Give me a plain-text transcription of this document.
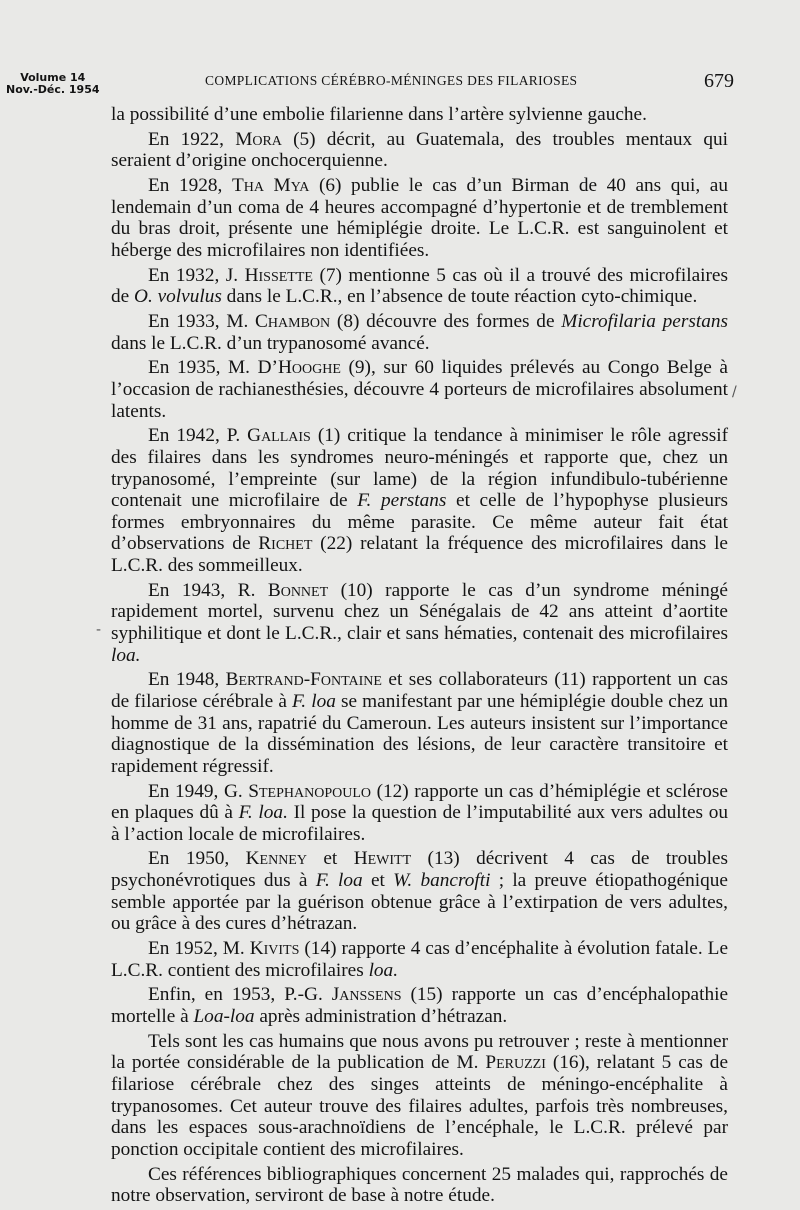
Volume 14
Nov.-Déc. 1954
COMPLICATIONS CÉRÉBRO-MÉNINGES DES FILARIOSES	679

la possibilité d’une embolie filarienne dans l’artère sylvienne gauche.

En 1922, Mora (5) décrit, au Guatemala, des troubles mentaux qui seraient d’origine onchocerquienne.

En 1928, Tha Mya (6) publie le cas d’un Birman de 40 ans qui, au lendemain d’un coma de 4 heures accompagné d’hypertonie et de tremblement du bras droit, présente une hémiplégie droite. Le L.C.R. est sanguinolent et héberge des microfilaires non identifiées.

En 1932, J. Hissette (7) mentionne 5 cas où il a trouvé des microfilaires de O. volvulus dans le L.C.R., en l’absence de toute réaction cyto-chimique.

En 1933, M. Chambon (8) découvre des formes de Microfilaria perstans dans le L.C.R. d’un trypanosomé avancé.

En 1935, M. D’Hooghe (9), sur 60 liquides prélevés au Congo Belge à l’occasion de rachianesthésies, découvre 4 porteurs de microfilaires absolument latents.

En 1942, P. Gallais (1) critique la tendance à minimiser le rôle agressif des filaires dans les syndromes neuro-méningés et rapporte que, chez un trypanosomé, l’empreinte (sur lame) de la région infundibulo-tubérienne contenait une microfilaire de F. perstans et celle de l’hypophyse plusieurs formes embryonnaires du même parasite. Ce même auteur fait état d’observations de Richet (22) relatant la fréquence des microfilaires dans le L.C.R. des sommeilleux.

En 1943, R. Bonnet (10) rapporte le cas d’un syndrome méningé rapidement mortel, survenu chez un Sénégalais de 42 ans atteint d’aortite syphilitique et dont le L.C.R., clair et sans hématies, contenait des microfilaires loa.

En 1948, Bertrand-Fontaine et ses collaborateurs (11) rapportent un cas de filariose cérébrale à F. loa se manifestant par une hémiplégie double chez un homme de 31 ans, rapatrié du Cameroun. Les auteurs insistent sur l’importance diagnostique de la dissémination des lésions, de leur caractère transitoire et rapidement régressif.

En 1949, G. Stephanopoulo (12) rapporte un cas d’hémiplégie et sclérose en plaques dû à F. loa. Il pose la question de l’imputabilité aux vers adultes ou à l’action locale de microfilaires.

En 1950, Kenney et Hewitt (13) décrivent 4 cas de troubles psychonévrotiques dus à F. loa et W. bancrofti ; la preuve étiopathogénique semble apportée par la guérison obtenue grâce à l’extirpation de vers adultes, ou grâce à des cures d’hétrazan.

En 1952, M. Kivits (14) rapporte 4 cas d’encéphalite à évolution fatale. Le L.C.R. contient des microfilaires loa.

Enfin, en 1953, P.-G. Janssens (15) rapporte un cas d’encéphalopathie mortelle à Loa-loa après administration d’hétrazan.

Tels sont les cas humains que nous avons pu retrouver ; reste à mentionner la portée considérable de la publication de M. Peruzzi (16), relatant 5 cas de filariose cérébrale chez des singes atteints de méningo-encéphalite à trypanosomes. Cet auteur trouve des filaires adultes, parfois très nombreuses, dans les espaces sous-arachnoïdiens de l’encéphale, le L.C.R. prélevé par ponction occipitale contient des microfilaires.

Ces références bibliographiques concernent 25 malades qui, rapprochés de notre observation, serviront de base à notre étude.

/
-
